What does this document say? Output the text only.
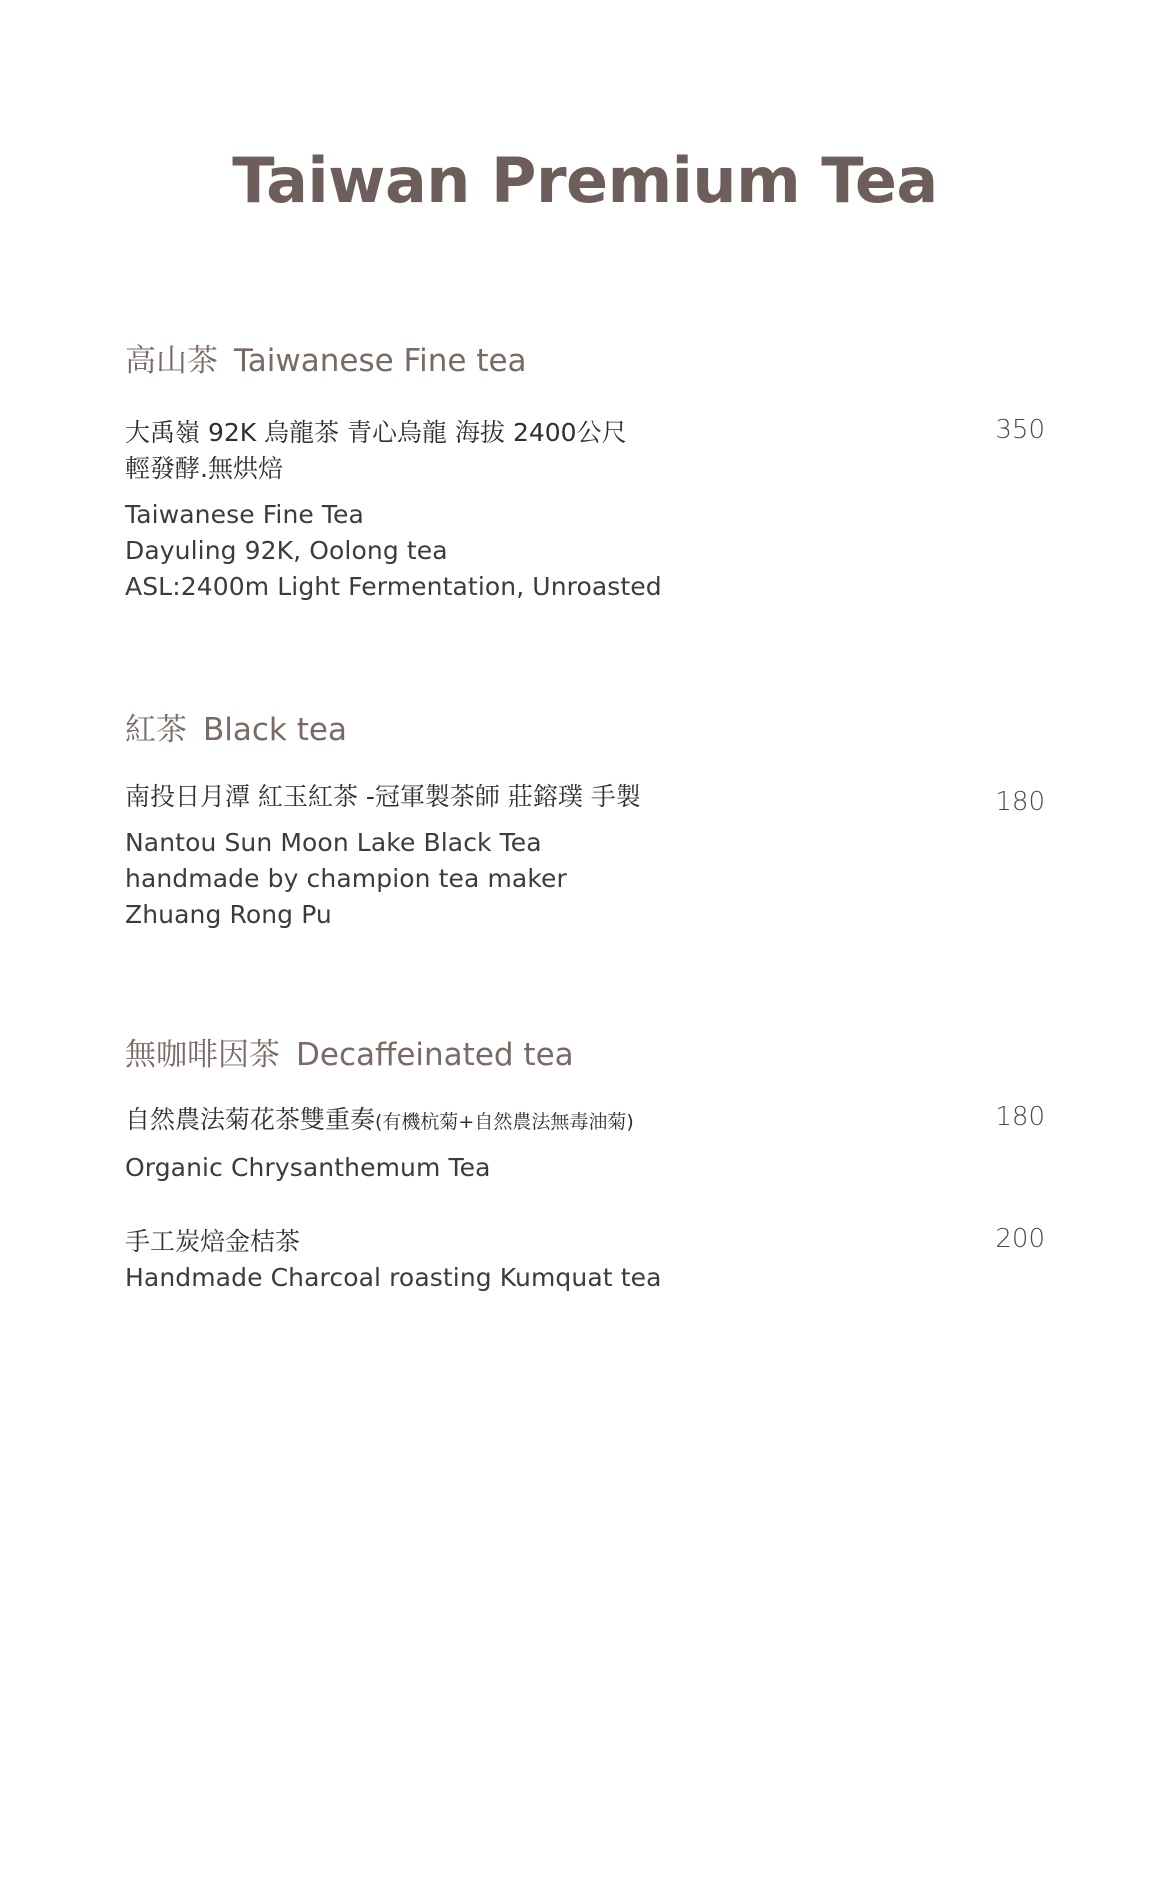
Taiwan Premium Tea
高山茶 Taiwanese Fine tea
350
大禹嶺 92K 烏龍茶 青心烏龍 海拔 2400公尺
輕發酵.無烘焙
Taiwanese Fine Tea
Dayuling 92K, Oolong tea
ASL:2400m Light Fermentation, Unroasted
紅茶 Black tea
180
南投日月潭 紅玉紅茶 -冠軍製茶師 莊鎔璞 手製
Nantou Sun Moon Lake Black Tea
handmade by champion tea maker
Zhuang Rong Pu
無咖啡因茶 Decaffeinated tea
180
自然農法菊花茶雙重奏(有機杭菊+自然農法無毒油菊)
Organic Chrysanthemum Tea
200
手工炭焙金桔茶
Handmade Charcoal roasting Kumquat tea
